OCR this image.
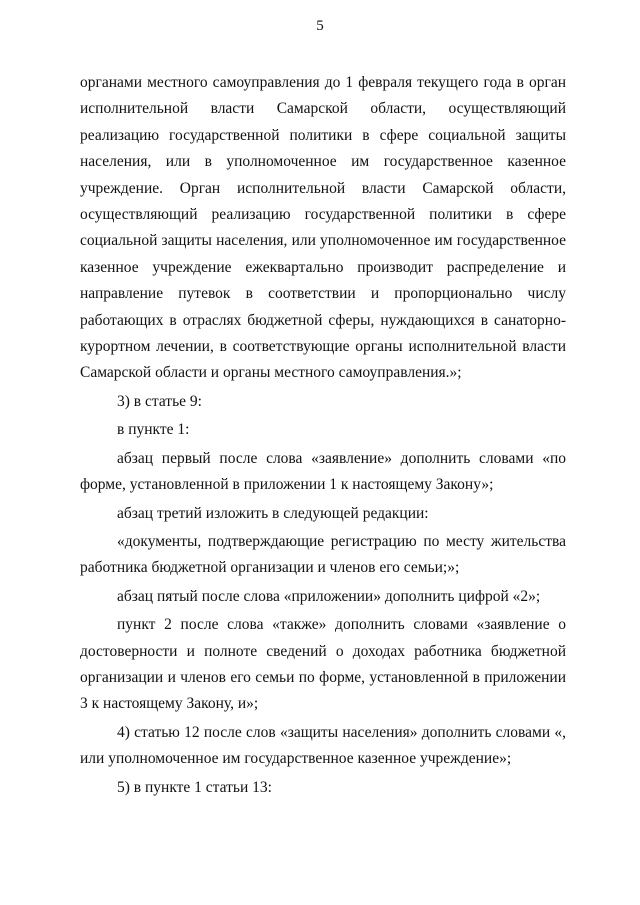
5

органами местного самоуправления до 1 февраля текущего года в орган исполнительной власти Самарской области, осуществляющий реализацию государственной политики в сфере социальной защиты населения, или в уполномоченное им государственное казенное учреждение. Орган исполнительной власти Самарской области, осуществляющий реализацию государственной политики в сфере социальной защиты населения, или уполномоченное им государственное казенное учреждение ежеквартально производит распределение и направление путевок в соответствии и пропорционально числу работающих в отраслях бюджетной сферы, нуждающихся в санаторно-курортном лечении, в соответствующие органы исполнительной власти Самарской области и органы местного самоуправления.»;

3) в статье 9:

в пункте 1:

абзац первый после слова «заявление» дополнить словами «по форме, установленной в приложении 1 к настоящему Закону»;

абзац третий изложить в следующей редакции:

«документы, подтверждающие регистрацию по месту жительства работника бюджетной организации и членов его семьи;»;

абзац пятый после слова «приложении» дополнить цифрой «2»;

пункт 2 после слова «также» дополнить словами «заявление о достоверности и полноте сведений о доходах работника бюджетной организации и членов его семьи по форме, установленной в приложении 3 к настоящему Закону, и»;

4) статью 12 после слов «защиты населения» дополнить словами «, или уполномоченное им государственное казенное учреждение»;

5) в пункте 1 статьи 13:
